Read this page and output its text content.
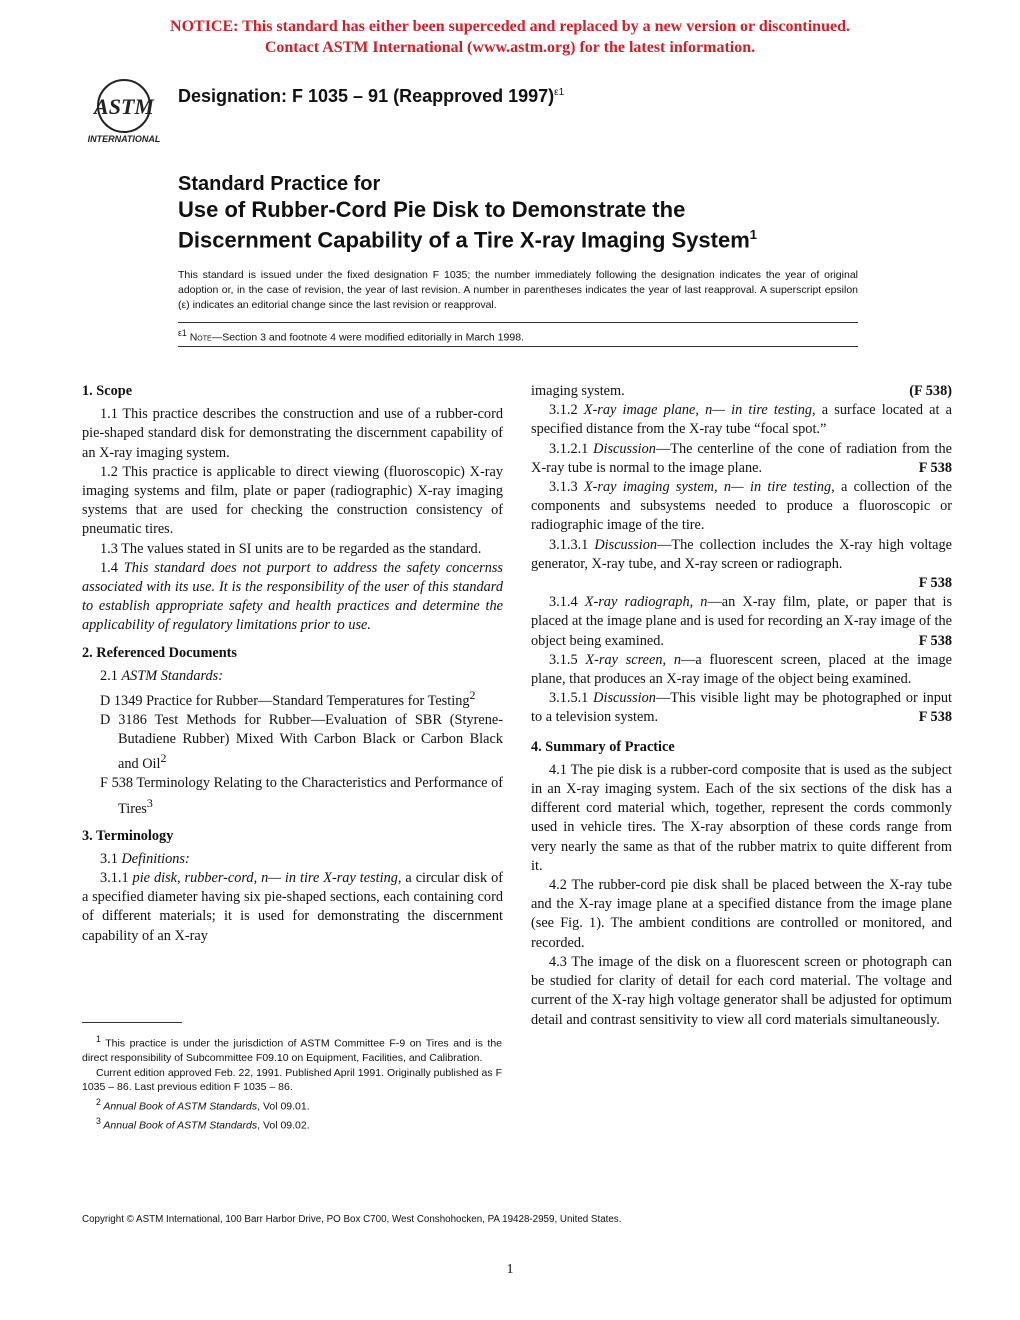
NOTICE: This standard has either been superceded and replaced by a new version or discontinued.
Contact ASTM International (www.astm.org) for the latest information.
ASTM
INTERNATIONAL
Designation: F 1035 – 91 (Reapproved 1997)$^{\varepsilon 1}$
Standard Practice for
Use of Rubber-Cord Pie Disk to Demonstrate the
Discernment Capability of a Tire X-ray Imaging System$^1$
This standard is issued under the fixed designation F 1035; the number immediately following the designation indicates the year of original adoption or, in the case of revision, the year of last revision. A number in parentheses indicates the year of last reapproval. A superscript epsilon (ε) indicates an editorial change since the last revision or reapproval.
$^{\varepsilon 1}$ Note—Section 3 and footnote 4 were modified editorially in March 1998.

1. Scope

1.1 This practice describes the construction and use of a rubber-cord pie-shaped standard disk for demonstrating the discernment capability of an X-ray imaging system.

1.2 This practice is applicable to direct viewing (fluoroscopic) X-ray imaging systems and film, plate or paper (radiographic) X-ray imaging systems that are used for checking the construction consistency of pneumatic tires.

1.3 The values stated in SI units are to be regarded as the standard.

1.4 This standard does not purport to address the safety concernss associated with its use. It is the responsibility of the user of this standard to establish appropriate safety and health practices and determine the applicability of regulatory limitations prior to use.

2. Referenced Documents

2.1 ASTM Standards:

D 1349 Practice for Rubber—Standard Temperatures for Testing$^2$

D 3186 Test Methods for Rubber—Evaluation of SBR (Styrene-Butadiene Rubber) Mixed With Carbon Black or Carbon Black and Oil$^2$

F 538 Terminology Relating to the Characteristics and Performance of Tires$^3$

3. Terminology

3.1 Definitions:

3.1.1 pie disk, rubber-cord, n— in tire X-ray testing, a circular disk of a specified diameter having six pie-shaped sections, each containing cord of different materials; it is used for demonstrating the discernment capability of an X-ray

imaging system.	(F 538)

3.1.2 X-ray image plane, n— in tire testing, a surface located at a specified distance from the X-ray tube “focal spot.”

3.1.2.1 Discussion—The centerline of the cone of radiation from the X-ray tube is normal to the image plane.	F 538

3.1.3 X-ray imaging system, n— in tire testing, a collection of the components and subsystems needed to produce a fluoroscopic or radiographic image of the tire.

3.1.3.1 Discussion—The collection includes the X-ray high voltage generator, X-ray tube, and X-ray screen or radiograph.

F 538

3.1.4 X-ray radiograph, n—an X-ray film, plate, or paper that is placed at the image plane and is used for recording an X-ray image of the object being examined.	F 538

3.1.5 X-ray screen, n—a fluorescent screen, placed at the image plane, that produces an X-ray image of the object being examined.

3.1.5.1 Discussion—This visible light may be photographed or input to a television system.	F 538

4. Summary of Practice

4.1 The pie disk is a rubber-cord composite that is used as the subject in an X-ray imaging system. Each of the six sections of the disk has a different cord material which, together, represent the cords commonly used in vehicle tires. The X-ray absorption of these cords range from very nearly the same as that of the rubber matrix to quite different from it.

4.2 The rubber-cord pie disk shall be placed between the X-ray tube and the X-ray image plane at a specified distance from the image plane (see Fig. 1). The ambient conditions are controlled or monitored, and recorded.

4.3 The image of the disk on a fluorescent screen or photograph can be studied for clarity of detail for each cord material. The voltage and current of the X-ray high voltage generator shall be adjusted for optimum detail and contrast sensitivity to view all cord materials simultaneously.

$^1$ This practice is under the jurisdiction of ASTM Committee F-9 on Tires and is the direct responsibility of Subcommittee F09.10 on Equipment, Facilities, and Calibration.

Current edition approved Feb. 22, 1991. Published April 1991. Originally published as F 1035 – 86. Last previous edition F 1035 – 86.

$^2$ Annual Book of ASTM Standards, Vol 09.01.

$^3$ Annual Book of ASTM Standards, Vol 09.02.

Copyright © ASTM International, 100 Barr Harbor Drive, PO Box C700, West Conshohocken, PA 19428-2959, United States.
1
